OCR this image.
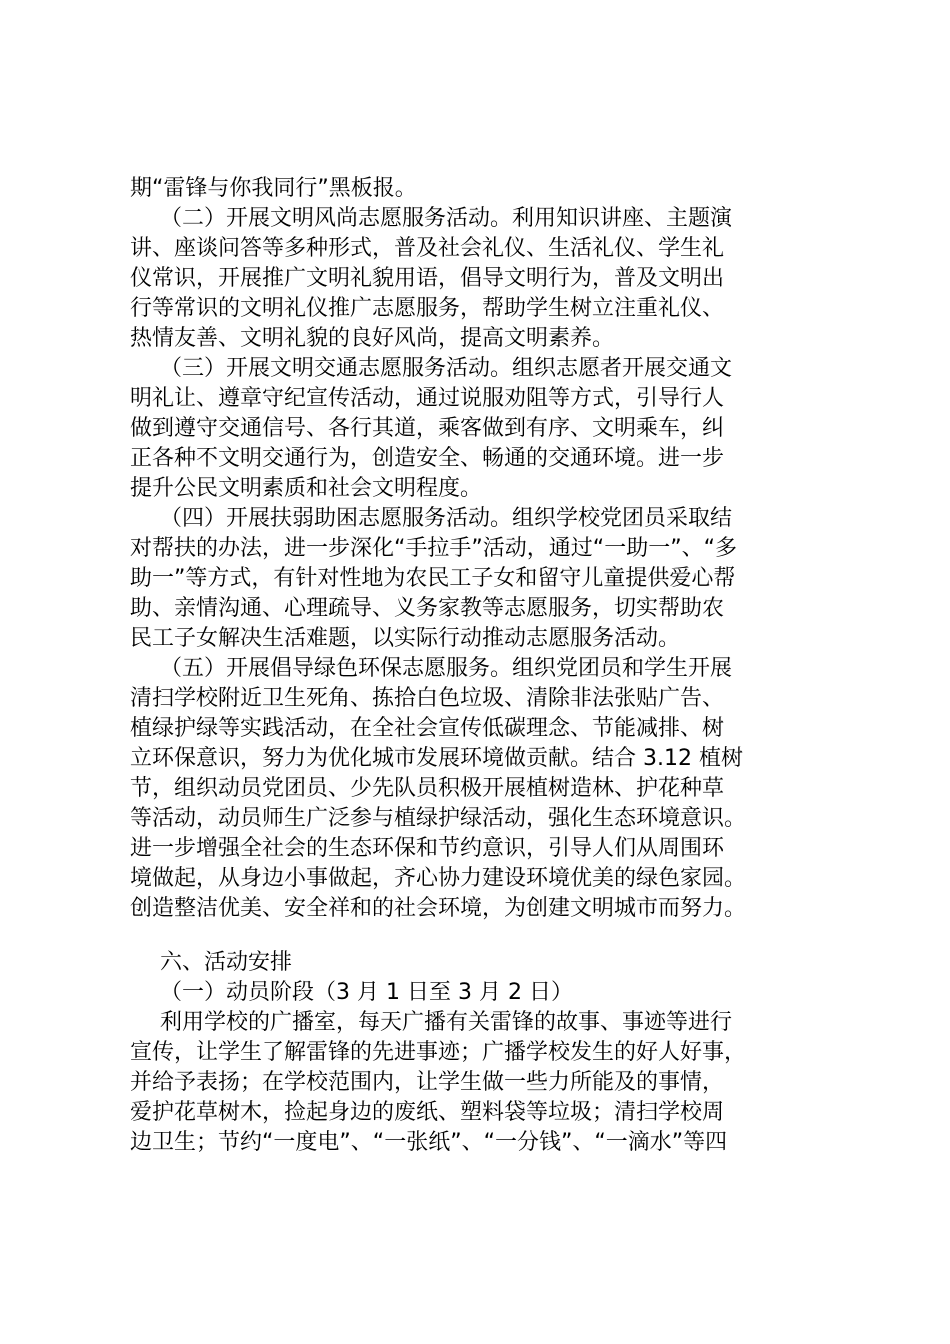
期“雷锋与你我同行”黑板报。

（二）开展文明风尚志愿服务活动。利用知识讲座、主题演

讲、座谈问答等多种形式，普及社会礼仪、生活礼仪、学生礼

仪常识，开展推广文明礼貌用语，倡导文明行为，普及文明出

行等常识的文明礼仪推广志愿服务，帮助学生树立注重礼仪、

热情友善、文明礼貌的良好风尚，提高文明素养。

（三）开展文明交通志愿服务活动。组织志愿者开展交通文

明礼让、遵章守纪宣传活动，通过说服劝阻等方式，引导行人

做到遵守交通信号、各行其道，乘客做到有序、文明乘车，纠

正各种不文明交通行为，创造安全、畅通的交通环境。进一步

提升公民文明素质和社会文明程度。

（四）开展扶弱助困志愿服务活动。组织学校党团员采取结

对帮扶的办法，进一步深化“手拉手”活动，通过“一助一”、“多

助一”等方式，有针对性地为农民工子女和留守儿童提供爱心帮

助、亲情沟通、心理疏导、义务家教等志愿服务，切实帮助农

民工子女解决生活难题，以实际行动推动志愿服务活动。

（五）开展倡导绿色环保志愿服务。组织党团员和学生开展

清扫学校附近卫生死角、拣拾白色垃圾、清除非法张贴广告、

植绿护绿等实践活动，在全社会宣传低碳理念、节能减排、树

立环保意识，努力为优化城市发展环境做贡献。结合 3.12 植树

节，组织动员党团员、少先队员积极开展植树造林、护花种草

等活动，动员师生广泛参与植绿护绿活动，强化生态环境意识。

进一步增强全社会的生态环保和节约意识，引导人们从周围环

境做起，从身边小事做起，齐心协力建设环境优美的绿色家园。

创造整洁优美、安全祥和的社会环境，为创建文明城市而努力。

六、活动安排

（一）动员阶段（3 月 1 日至 3 月 2 日）

利用学校的广播室，每天广播有关雷锋的故事、事迹等进行

宣传，让学生了解雷锋的先进事迹；广播学校发生的好人好事，

并给予表扬；在学校范围内，让学生做一些力所能及的事情，

爱护花草树木，捡起身边的废纸、塑料袋等垃圾；清扫学校周

边卫生；节约“一度电”、“一张纸”、“一分钱”、“一滴水”等四
